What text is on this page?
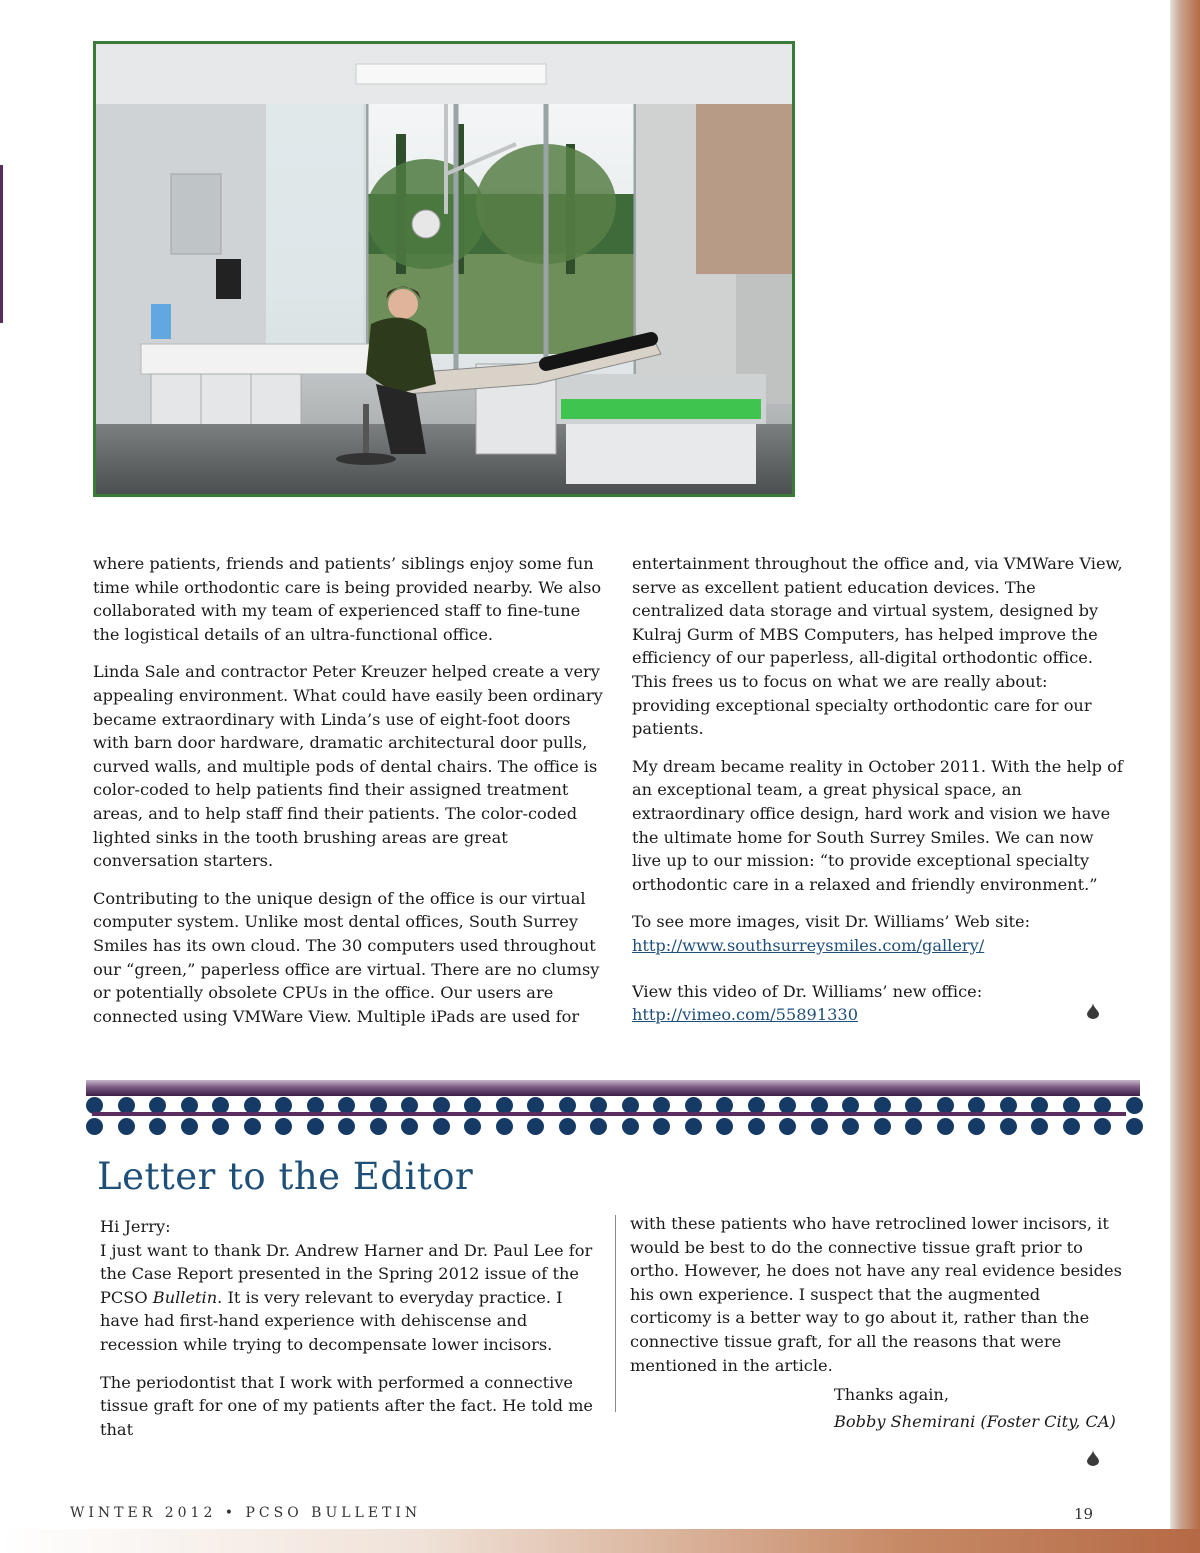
where patients, friends and patients’ siblings enjoy some fun time while orthodontic care is being provided nearby. We also collaborated with my team of experienced staff to fine-tune the logistical details of an ultra-functional office.

Linda Sale and contractor Peter Kreuzer helped create a very appealing environment. What could have easily been ordinary became extraordinary with Linda’s use of eight-foot doors with barn door hardware, dramatic architectural door pulls, curved walls, and multiple pods of dental chairs. The office is color-coded to help patients find their assigned treatment areas, and to help staff find their patients. The color-coded lighted sinks in the tooth brushing areas are great conversation starters.

Contributing to the unique design of the office is our virtual computer system. Unlike most dental offices, South Surrey Smiles has its own cloud. The 30 computers used throughout our “green,” paperless office are virtual. There are no clumsy or potentially obsolete CPUs in the office. Our users are connected using VMWare View. Multiple iPads are used for

entertainment throughout the office and, via VMWare View, serve as excellent patient education devices. The centralized data storage and virtual system, designed by Kulraj Gurm of MBS Computers, has helped improve the efficiency of our paperless, all-digital orthodontic office. This frees us to focus on what we are really about: providing exceptional specialty orthodontic care for our patients.

My dream became reality in October 2011. With the help of an exceptional team, a great physical space, an extraordinary office design, hard work and vision we have the ultimate home for South Surrey Smiles. We can now live up to our mission: “to provide exceptional specialty orthodontic care in a relaxed and friendly environment.”

To see more images, visit Dr. Williams’ Web site:
http://www.southsurreysmiles.com/gallery/

View this video of Dr. Williams’ new office:
http://vimeo.com/55891330

Letter to the Editor

Hi Jerry:
I just want to thank Dr. Andrew Harner and Dr. Paul Lee for the Case Report presented in the Spring 2012 issue of the PCSO Bulletin. It is very relevant to everyday practice. I have had first-hand experience with dehiscense and recession while trying to decompensate lower incisors.

The periodontist that I work with performed a connective tissue graft for one of my patients after the fact. He told me that

with these patients who have retroclined lower incisors, it would be best to do the connective tissue graft prior to ortho. However, he does not have any real evidence besides his own experience. I suspect that the augmented corticomy is a better way to go about it, rather than the connective tissue graft, for all the reasons that were mentioned in the article.

Thanks again,
Bobby Shemirani (Foster City, CA)
WINTER 2012 • PCSO BULLETIN	19
